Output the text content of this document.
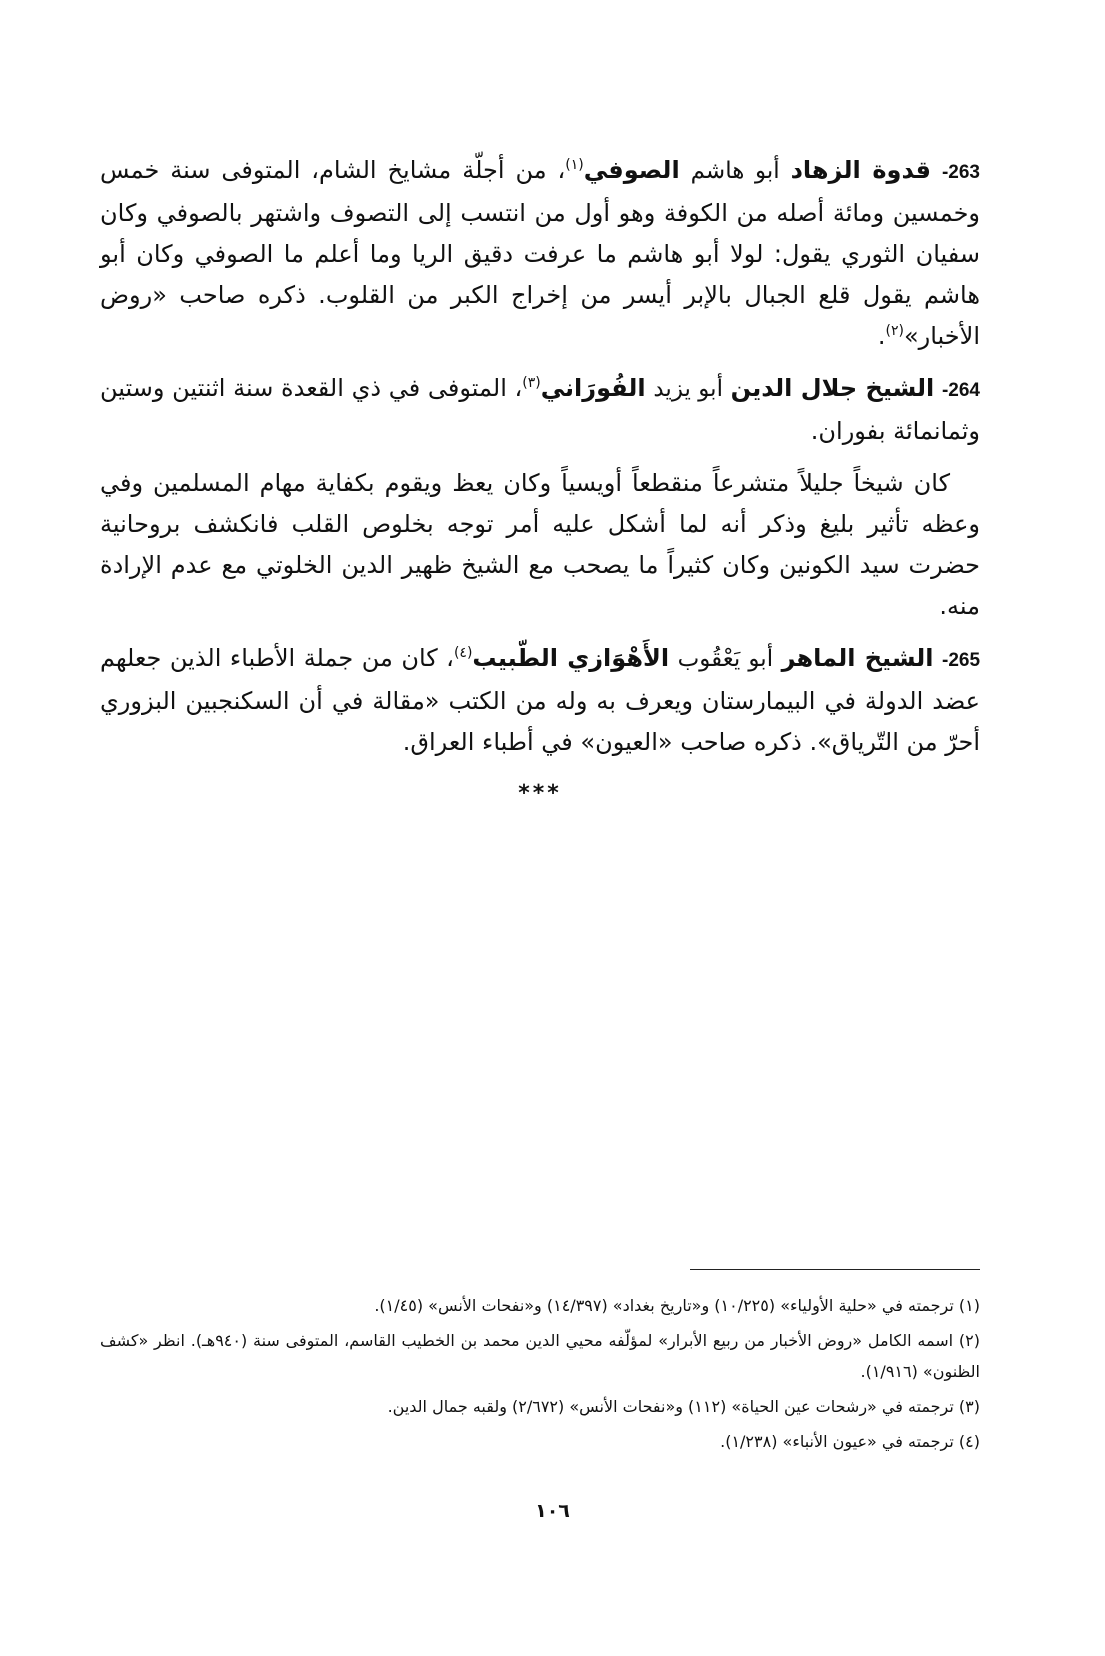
263- قدوة الزهاد أبو هاشم الصوفي$^{(١)}$، من أجلّة مشايخ الشام، المتوفى سنة خمس وخمسين ومائة أصله من الكوفة وهو أول من انتسب إلى التصوف واشتهر بالصوفي وكان سفيان الثوري يقول: لولا أبو هاشم ما عرفت دقيق الريا وما أعلم ما الصوفي وكان أبو هاشم يقول قلع الجبال بالإبر أيسر من إخراج الكبر من القلوب. ذكره صاحب «روض الأخبار»$^{(٢)}$.

264- الشيخ جلال الدين أبو يزيد الفُورَاني$^{(٣)}$، المتوفى في ذي القعدة سنة اثنتين وستين وثمانمائة بفوران.

كان شيخاً جليلاً متشرعاً منقطعاً أويسياً وكان يعظ ويقوم بكفاية مهام المسلمين وفي وعظه تأثير بليغ وذكر أنه لما أشكل عليه أمر توجه بخلوص القلب فانكشف بروحانية حضرت سيد الكونين وكان كثيراً ما يصحب مع الشيخ ظهير الدين الخلوتي مع عدم الإرادة منه.

265- الشيخ الماهر أبو يَعْقُوب الأَهْوَازي الطّبيب$^{(٤)}$، كان من جملة الأطباء الذين جعلهم عضد الدولة في البيمارستان ويعرف به وله من الكتب «مقالة في أن السكنجبين البزوري أحرّ من التّرياق». ذكره صاحب «العيون» في أطباء العراق.

***

(١) ترجمته في «حلية الأولياء» (١٠/٢٢٥) و«تاريخ بغداد» (١٤/٣٩٧) و«نفحات الأنس» (١/٤٥).

(٢) اسمه الكامل «روض الأخبار من ربيع الأبرار» لمؤلّفه محيي الدين محمد بن الخطيب القاسم، المتوفى سنة (٩٤٠هـ). انظر «كشف الظنون» (١/٩١٦).

(٣) ترجمته في «رشحات عين الحياة» (١١٢) و«نفحات الأنس» (٢/٦٧٢) ولقبه جمال الدين.

(٤) ترجمته في «عيون الأنباء» (١/٢٣٨).

١٠٦
